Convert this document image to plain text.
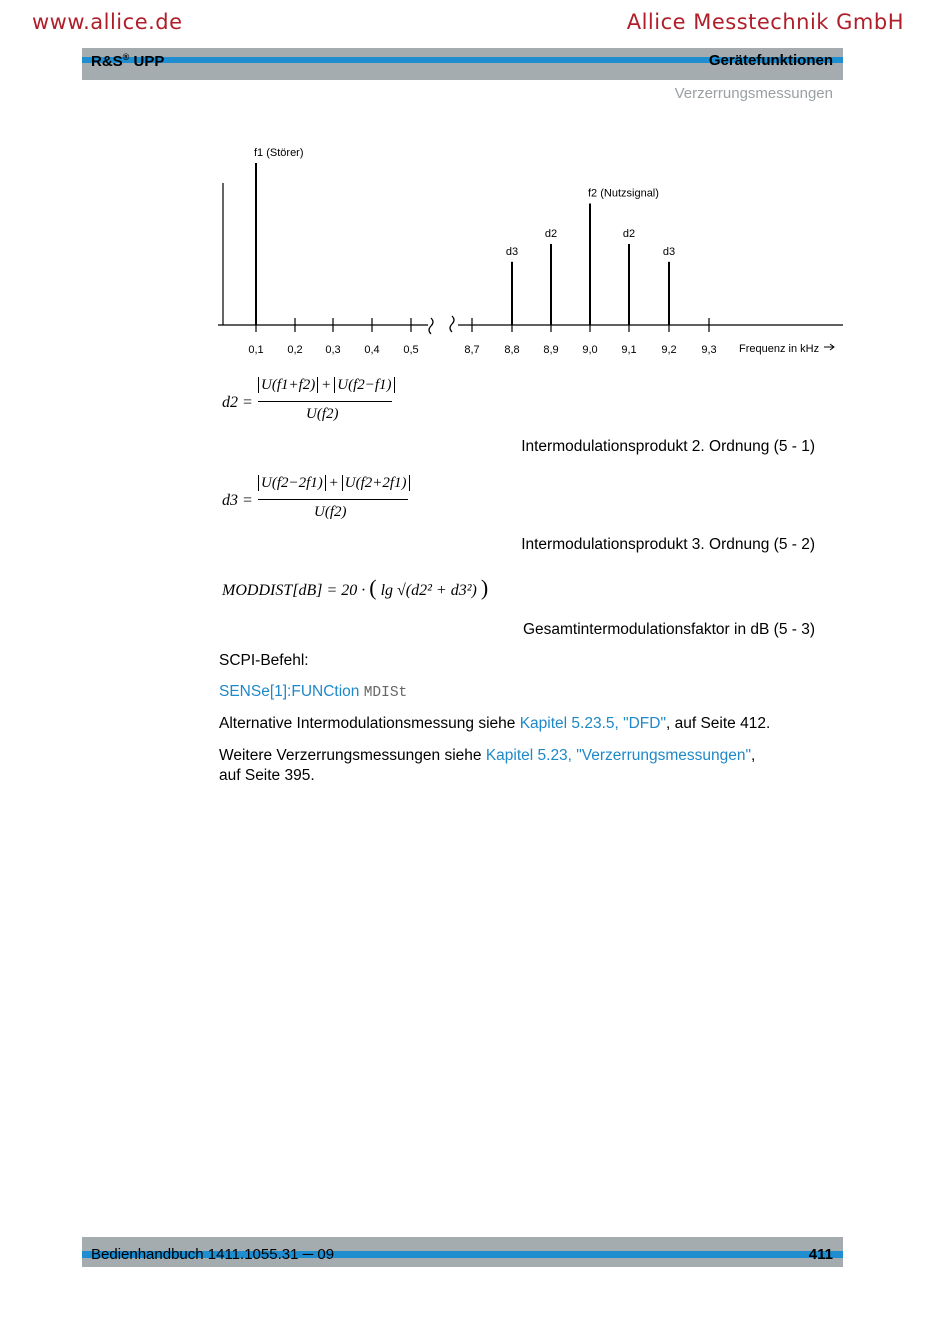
www.allice.de	Allice Messtechnik GmbH
R&S® UPP	Gerätefunktionen
Verzerrungsmessungen
0,1 0,2 0,3 0,4 0,5	8,7 8,8 8,9 9,0 9,1 9,2 9,3 Frequenz in kHz
f1 (Störer)
d3
d2
f2 (Nutzsignal)
d2
d3
d2 =
U(f1+f2) + U(f2−f1)
U(f2)
Intermodulationsprodukt 2. Ordnung (5 - 1)
d3 =
U(f2−2f1) + U(f2+2f1)
U(f2)
Intermodulationsprodukt 3. Ordnung (5 - 2)
MODDIST[dB] = 20 · ( lg √(d2² + d3²) )
Gesamtintermodulationsfaktor in dB (5 - 3)
SCPI-Befehl:
SENSe[1]:FUNCtion MDISt
Alternative Intermodulationsmessung siehe Kapitel 5.23.5, "DFD", auf Seite 412.
Weitere Verzerrungsmessungen siehe Kapitel 5.23, "Verzerrungsmessungen",
auf Seite 395.
Bedienhandbuch 1411.1055.31 ─ 09	411
